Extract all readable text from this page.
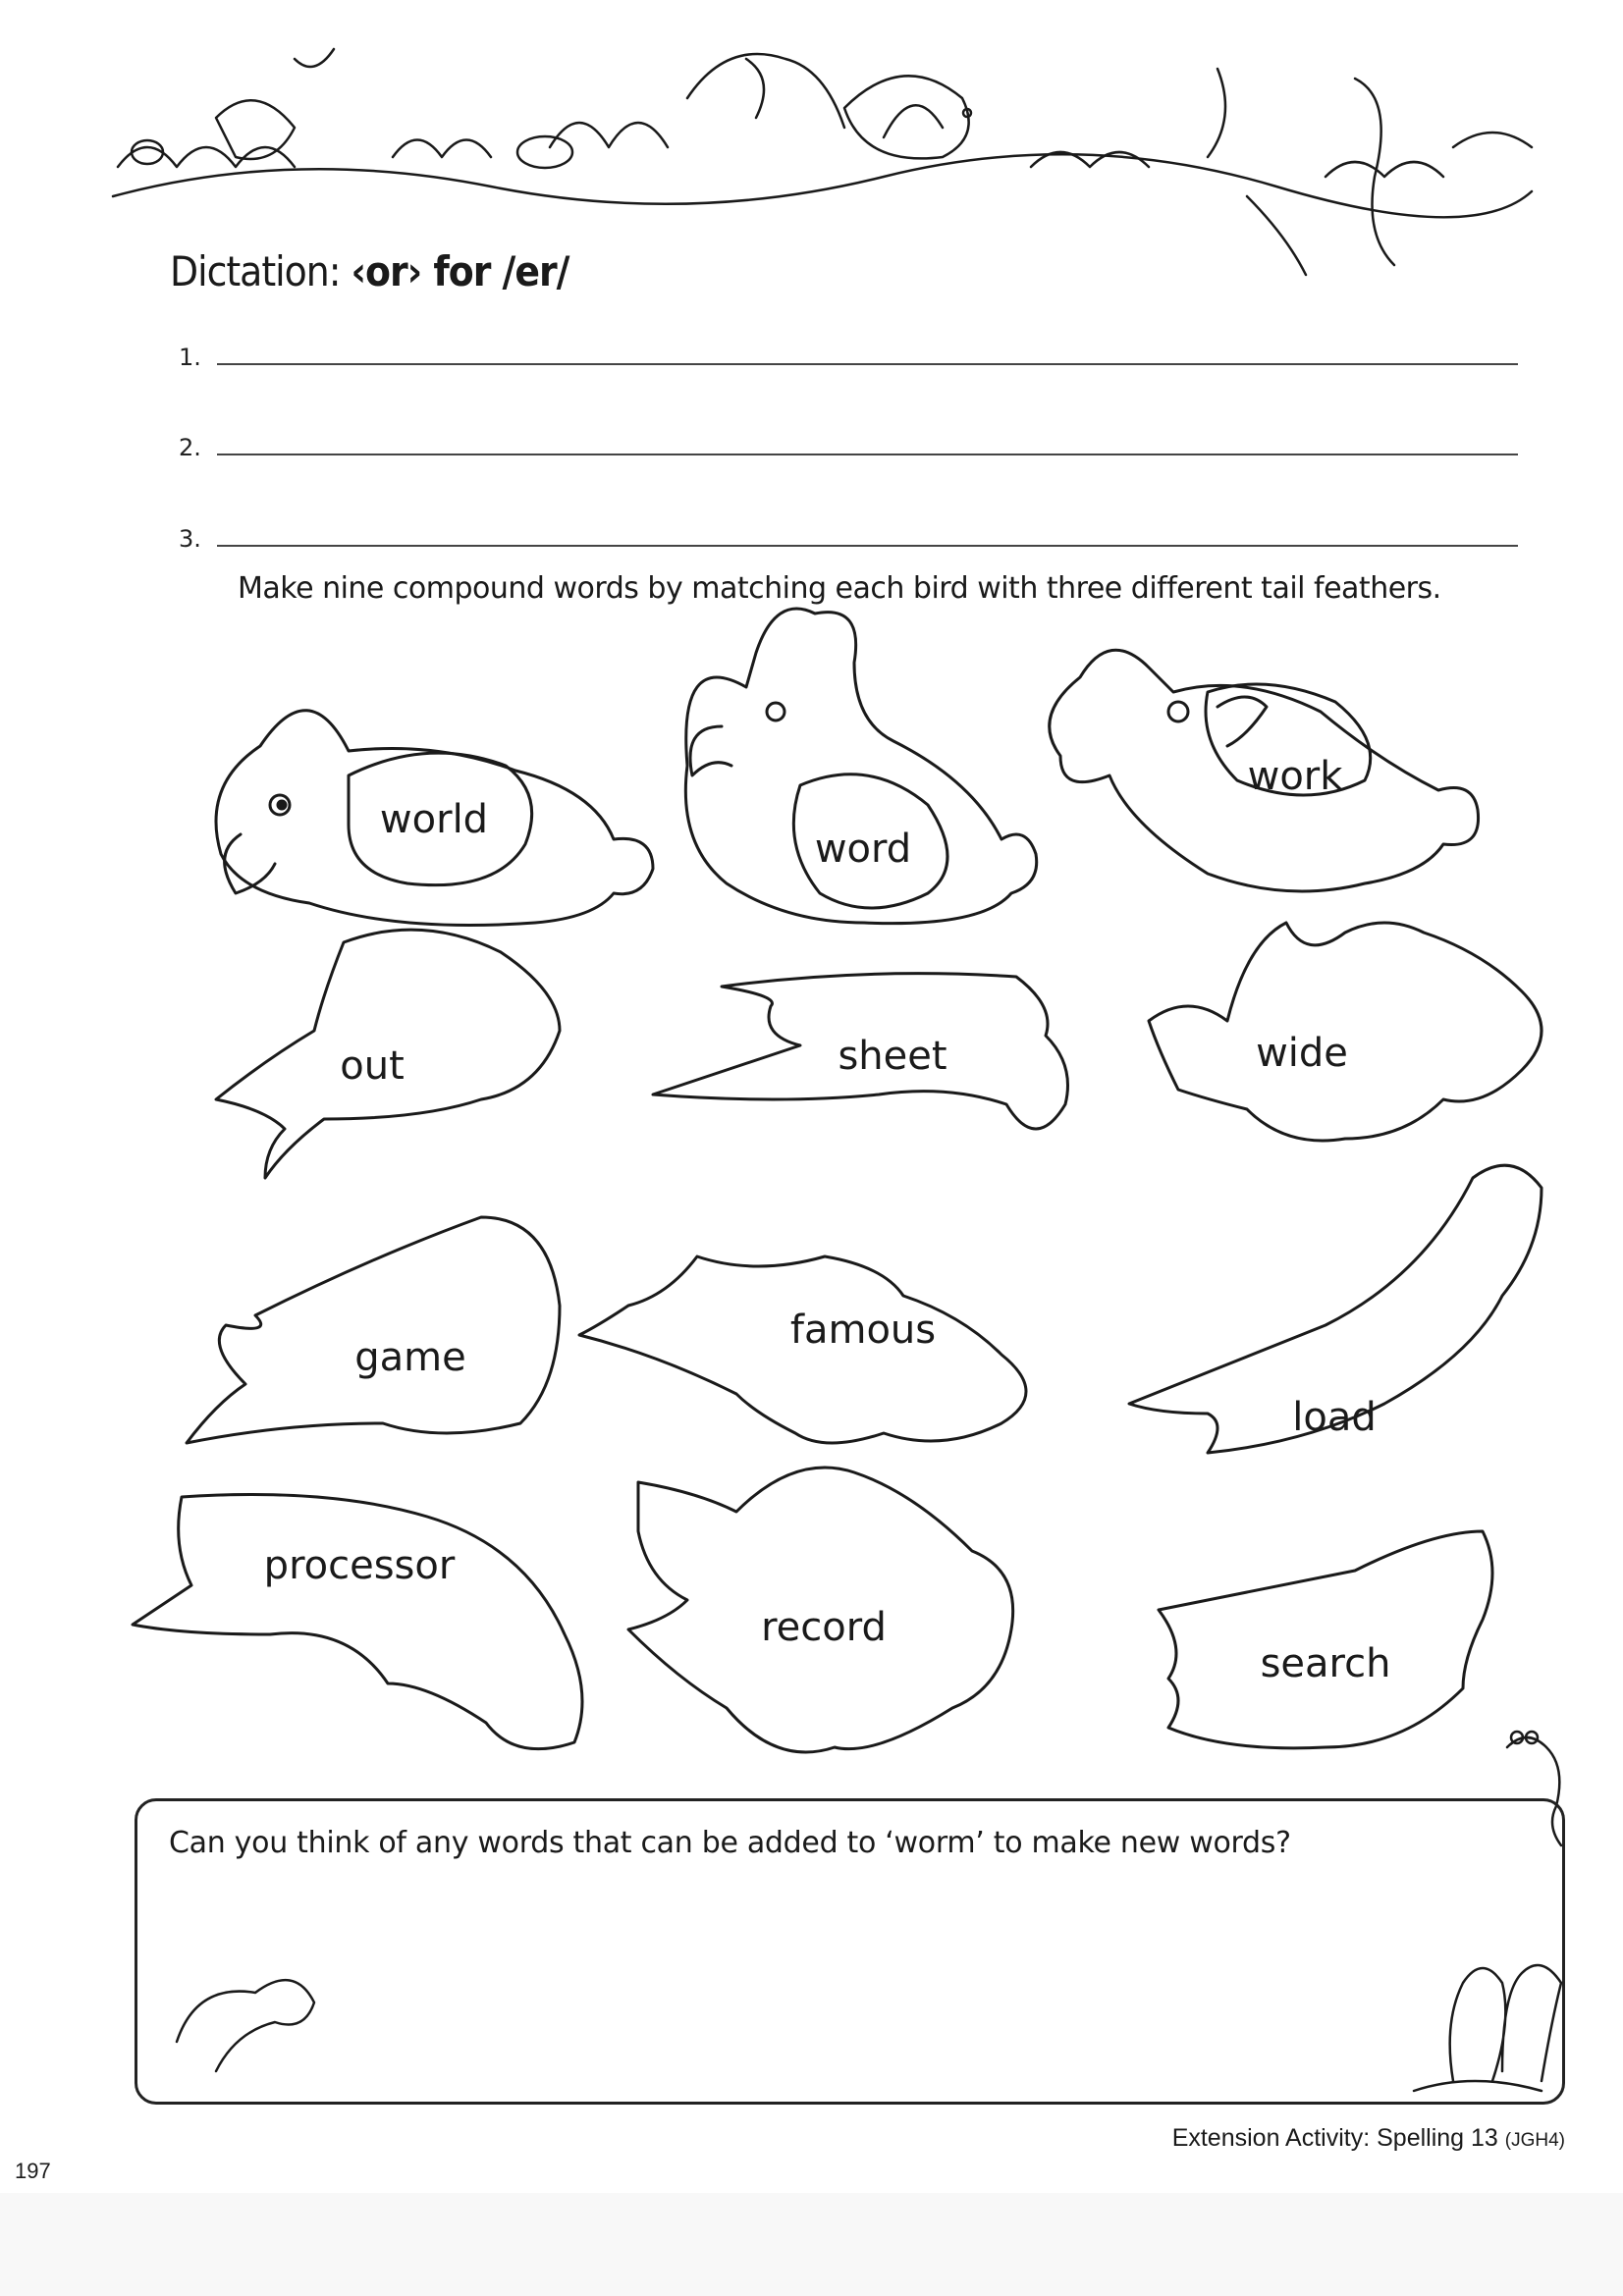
Dictation: ‹or› for /er/
1.
2.
3.
Make nine compound words by matching each bird with three different tail feathers.
world
word
work
out	sheet	wide
game
famous
load
processor
record
search
Can you think of any words that can be added to ‘worm’ to make new words?
Extension Activity: Spelling 13 (JGH4)
197
